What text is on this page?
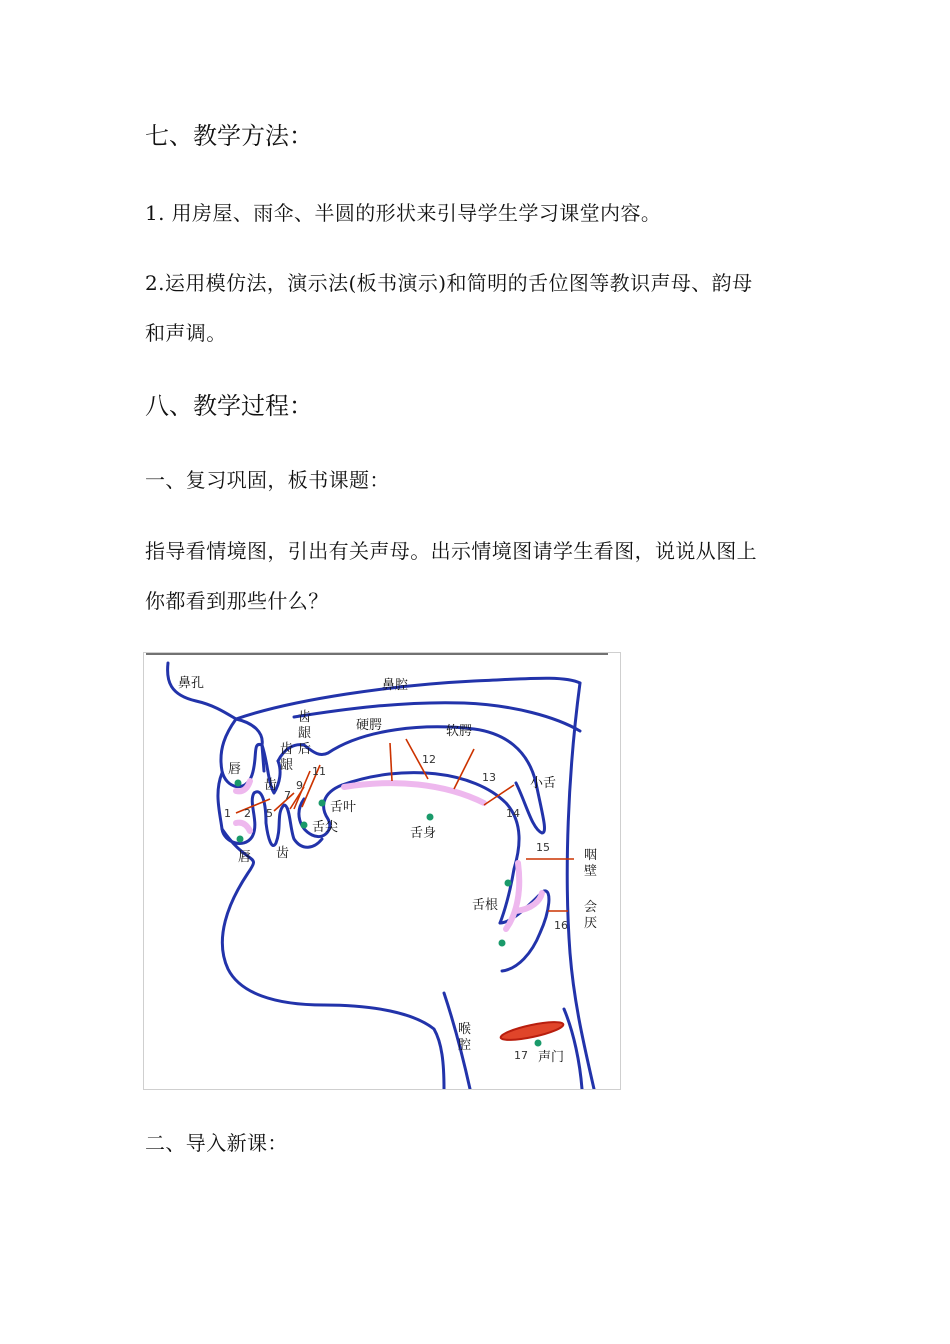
七、教学方法：
1. 用房屋、雨伞、半圆的形状来引导学生学习课堂内容。
2.运用模仿法，演示法(板书演示)和简明的舌位图等教识声母、韵母
和声调。
八、教学过程：
一、复习巩固，板书课题：
指导看情境图，引出有关声母。出示情境图请学生看图，说说从图上
你都看到那些什么？
鼻孔	鼻腔
齿
龈
后
硬腭	软腭
唇
齿
齿
龈
小舌
舌叶
舌尖	舌身
唇 齿	咽
壁
舌根	会
厌
喉
腔
声门
1 2 5
7
9
11
12
13
14
15
16
17
二、导入新课：
